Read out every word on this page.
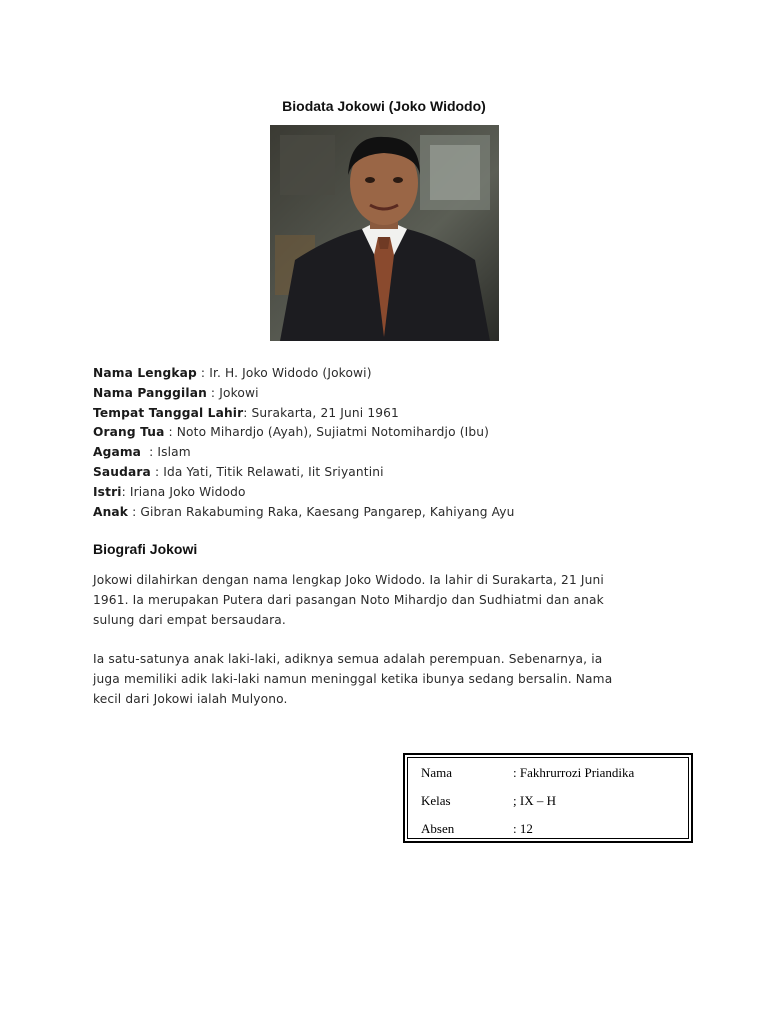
Biodata Jokowi (Joko Widodo)
Nama Lengkap : Ir. H. Joko Widodo (Jokowi)
Nama Panggilan : Jokowi
Tempat Tanggal Lahir: Surakarta, 21 Juni 1961
Orang Tua : Noto Mihardjo (Ayah), Sujiatmi Notomihardjo (Ibu)
Agama  : Islam
Saudara : Ida Yati, Titik Relawati, Iit Sriyantini
Istri: Iriana Joko Widodo
Anak : Gibran Rakabuming Raka, Kaesang Pangarep, Kahiyang Ayu
Biografi Jokowi
Jokowi dilahirkan dengan nama lengkap Joko Widodo. Ia lahir di Surakarta, 21 Juni
1961. Ia merupakan Putera dari pasangan Noto Mihardjo dan Sudhiatmi dan anak
sulung dari empat bersaudara.
Ia satu-satunya anak laki-laki, adiknya semua adalah perempuan. Sebenarnya, ia
juga memiliki adik laki-laki namun meninggal ketika ibunya sedang bersalin. Nama
kecil dari Jokowi ialah Mulyono.
Nama	: Fakhrurrozi Priandika
Kelas	; IX – H
Absen	: 12
